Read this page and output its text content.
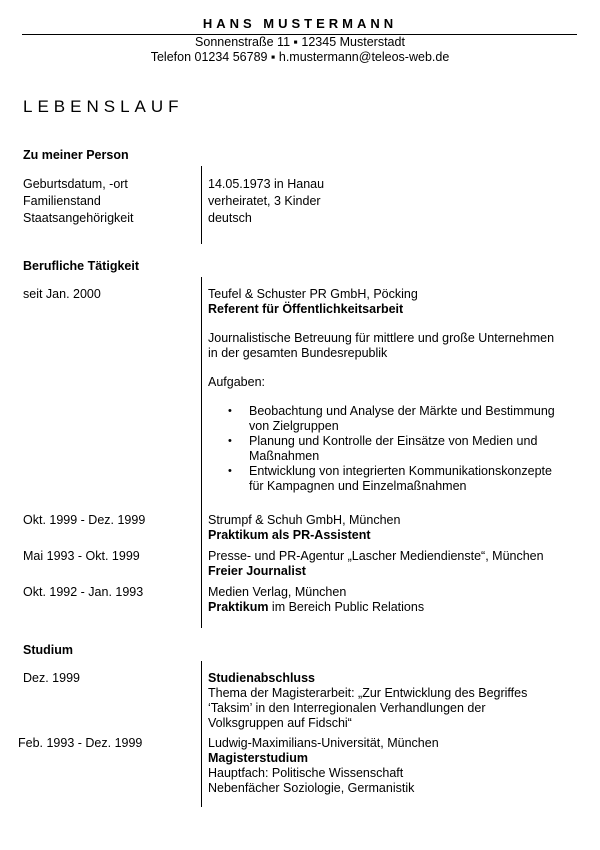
HANS MUSTERMANN
Sonnenstraße 11 ▪ 12345 Musterstadt
Telefon 01234 56789 ▪ h.mustermann@teleos-web.de
LEBENSLAUF
Zu meiner Person
Geburtsdatum, -ort	14.05.1973 in Hanau
Familienstand	verheiratet, 3 Kinder
Staatsangehörigkeit	deutsch
Berufliche Tätigkeit
seit Jan. 2000	Teufel & Schuster PR GmbH, Pöcking
Referent für Öffentlichkeitsarbeit
Journalistische Betreuung für mittlere und große Unternehmen
in der gesamten Bundesrepublik
Aufgaben:
• Beobachtung und Analyse der Märkte und Bestimmung
von Zielgruppen
• Planung und Kontrolle der Einsätze von Medien und
Maßnahmen
• Entwicklung von integrierten Kommunikationskonzepte
für Kampagnen und Einzelmaßnahmen
Okt. 1999 - Dez. 1999	Strumpf & Schuh GmbH, München
Praktikum als PR-Assistent
Mai 1993 - Okt. 1999	Presse- und PR-Agentur „Lascher Mediendienste“, München
Freier Journalist
Okt. 1992 - Jan. 1993	Medien Verlag, München
Praktikum im Bereich Public Relations
Studium
Dez. 1999	Studienabschluss
Thema der Magisterarbeit: „Zur Entwicklung des Begriffes
‘Taksim’ in den Interregionalen Verhandlungen der
Volksgruppen auf Fidschi“
Feb. 1993 - Dez. 1999	Ludwig-Maximilians-Universität, München
Magisterstudium
Hauptfach: Politische Wissenschaft
Nebenfächer Soziologie, Germanistik
